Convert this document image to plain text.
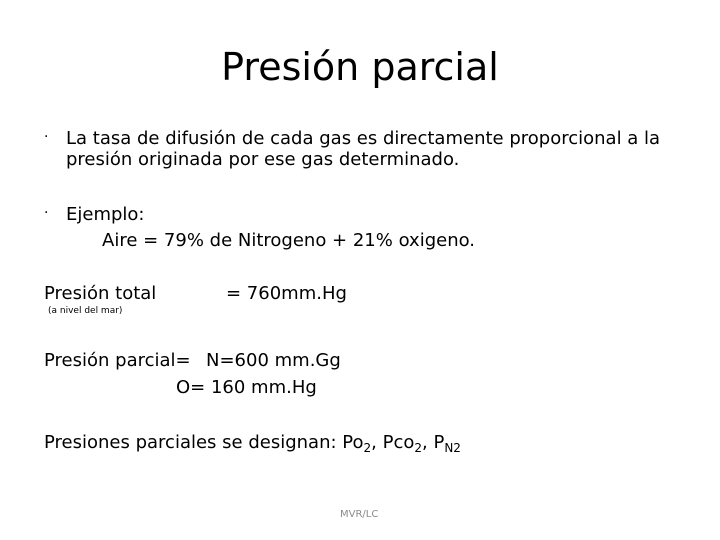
Presión parcial
· La tasa de difusión de cada gas es directamente proporcional a la
presión originada por ese gas determinado.
· Ejemplo:
Aire = 79% de Nitrogeno + 21% oxigeno.
Presión total	= 760mm.Hg
(a nivel del mar)
Presión parcial= N=600 mm.Gg
O= 160 mm.Hg
Presiones parciales se designan: $Po_2$, Pco$_2$, $P_{N2}$
MVR/LC
